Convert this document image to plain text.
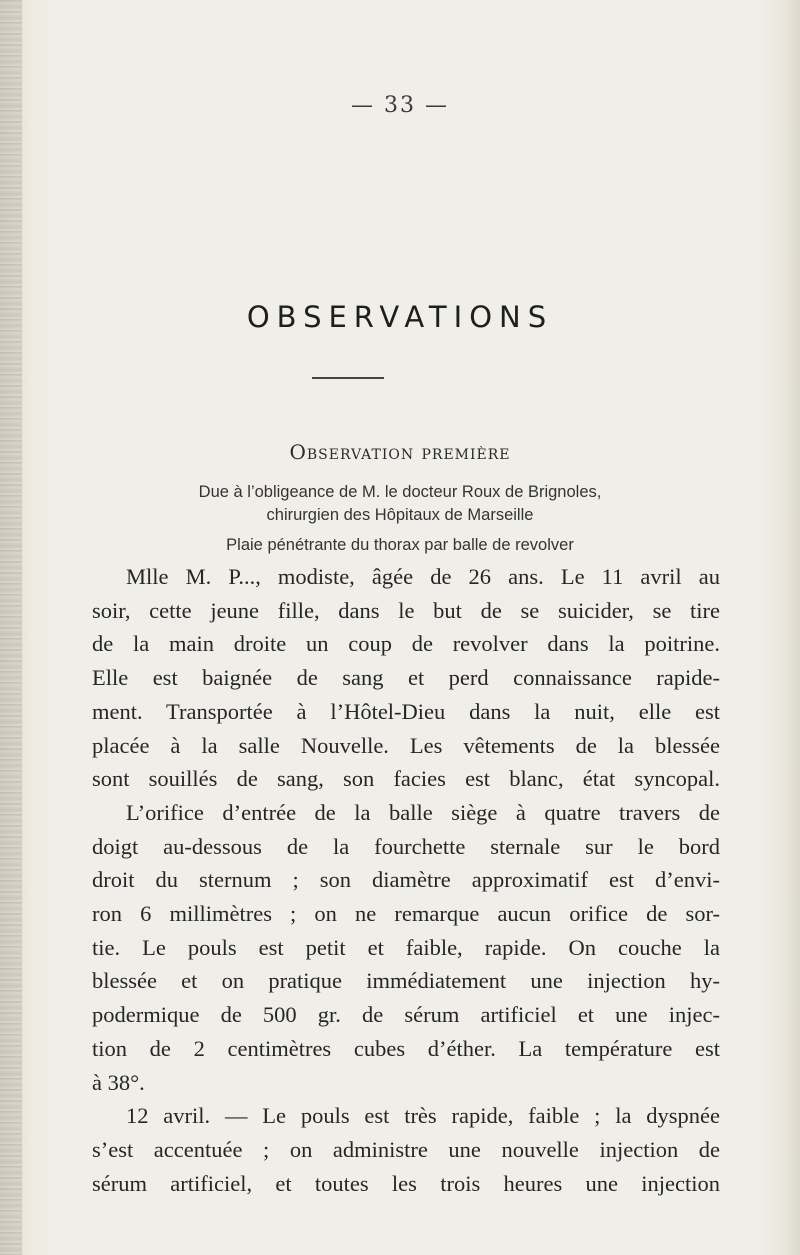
— 33 —
OBSERVATIONS
Observation première
Due à l’obligeance de M. le docteur Roux de Brignoles,
chirurgien des Hôpitaux de Marseille
Plaie pénétrante du thorax par balle de revolver
Mlle M. P..., modiste, âgée de 26 ans. Le 11 avril au
soir, cette jeune fille, dans le but de se suicider, se tire
de la main droite un coup de revolver dans la poitrine.
Elle est baignée de sang et perd connaissance rapide-
ment. Transportée à l’Hôtel-Dieu dans la nuit, elle est
placée à la salle Nouvelle. Les vêtements de la blessée
sont souillés de sang, son facies est blanc, état syncopal.
L’orifice d’entrée de la balle siège à quatre travers de
doigt au-dessous de la fourchette sternale sur le bord
droit du sternum ; son diamètre approximatif est d’envi-
ron 6 millimètres ; on ne remarque aucun orifice de sor-
tie. Le pouls est petit et faible, rapide. On couche la
blessée et on pratique immédiatement une injection hy-
podermique de 500 gr. de sérum artificiel et une injec-
tion de 2 centimètres cubes d’éther. La température est
à 38°.
12 avril. — Le pouls est très rapide, faible ; la dyspnée
s’est accentuée ; on administre une nouvelle injection de
sérum artificiel, et toutes les trois heures une injection
